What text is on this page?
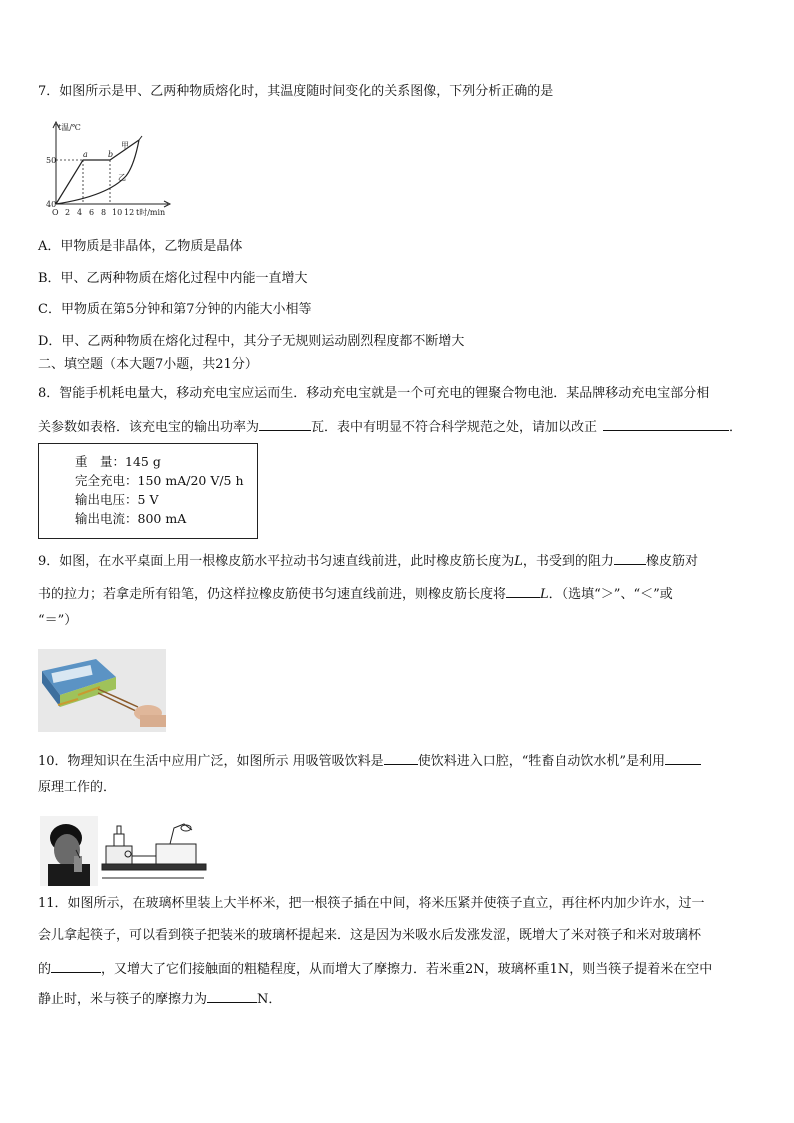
7．如图所示是甲、乙两种物质熔化时，其温度随时间变化的关系图像，下列分析正确的是
t温/℃
50
40
O 2 4 6 8 10 12 t时/min
a	b
甲
乙
A．甲物质是非晶体，乙物质是晶体
B．甲、乙两种物质在熔化过程中内能一直增大
C．甲物质在第5分钟和第7分钟的内能大小相等
D．甲、乙两种物质在熔化过程中，其分子无规则运动剧烈程度都不断增大
二、填空题（本大题7小题，共21分）
8．智能手机耗电量大，移动充电宝应运而生．移动充电宝就是一个可充电的锂聚合物电池．某品牌移动充电宝部分相
关参数如表格．该充电宝的输出功率为	瓦．表中有明显不符合科学规范之处，请加以改正	．
重　量：145 g
完全充电：150 mA/20 V/5 h
输出电压：5 V
输出电流：800 mA
9．如图，在水平桌面上用一根橡皮筋水平拉动书匀速直线前进，此时橡皮筋长度为L，书受到的阻力 橡皮筋对
书的拉力；若拿走所有铅笔，仍这样拉橡皮筋使书匀速直线前进，则橡皮筋长度将	L．（选填“＞”、“＜”或
“＝”）
10．物理知识在生活中应用广泛，如图所示 用吸管吸饮料是	使饮料进入口腔，“牲畜自动饮水机”是利用
原理工作的．
11．如图所示，在玻璃杯里装上大半杯米，把一根筷子插在中间，将米压紧并使筷子直立，再往杯内加少许水，过一
会儿拿起筷子，可以看到筷子把装米的玻璃杯提起来．这是因为米吸水后发涨发涩，既增大了米对筷子和米对玻璃杯
的	，又增大了它们接触面的粗糙程度，从而增大了摩擦力．若米重2N，玻璃杯重1N，则当筷子提着米在空中
静止时，米与筷子的摩擦力为	N．
